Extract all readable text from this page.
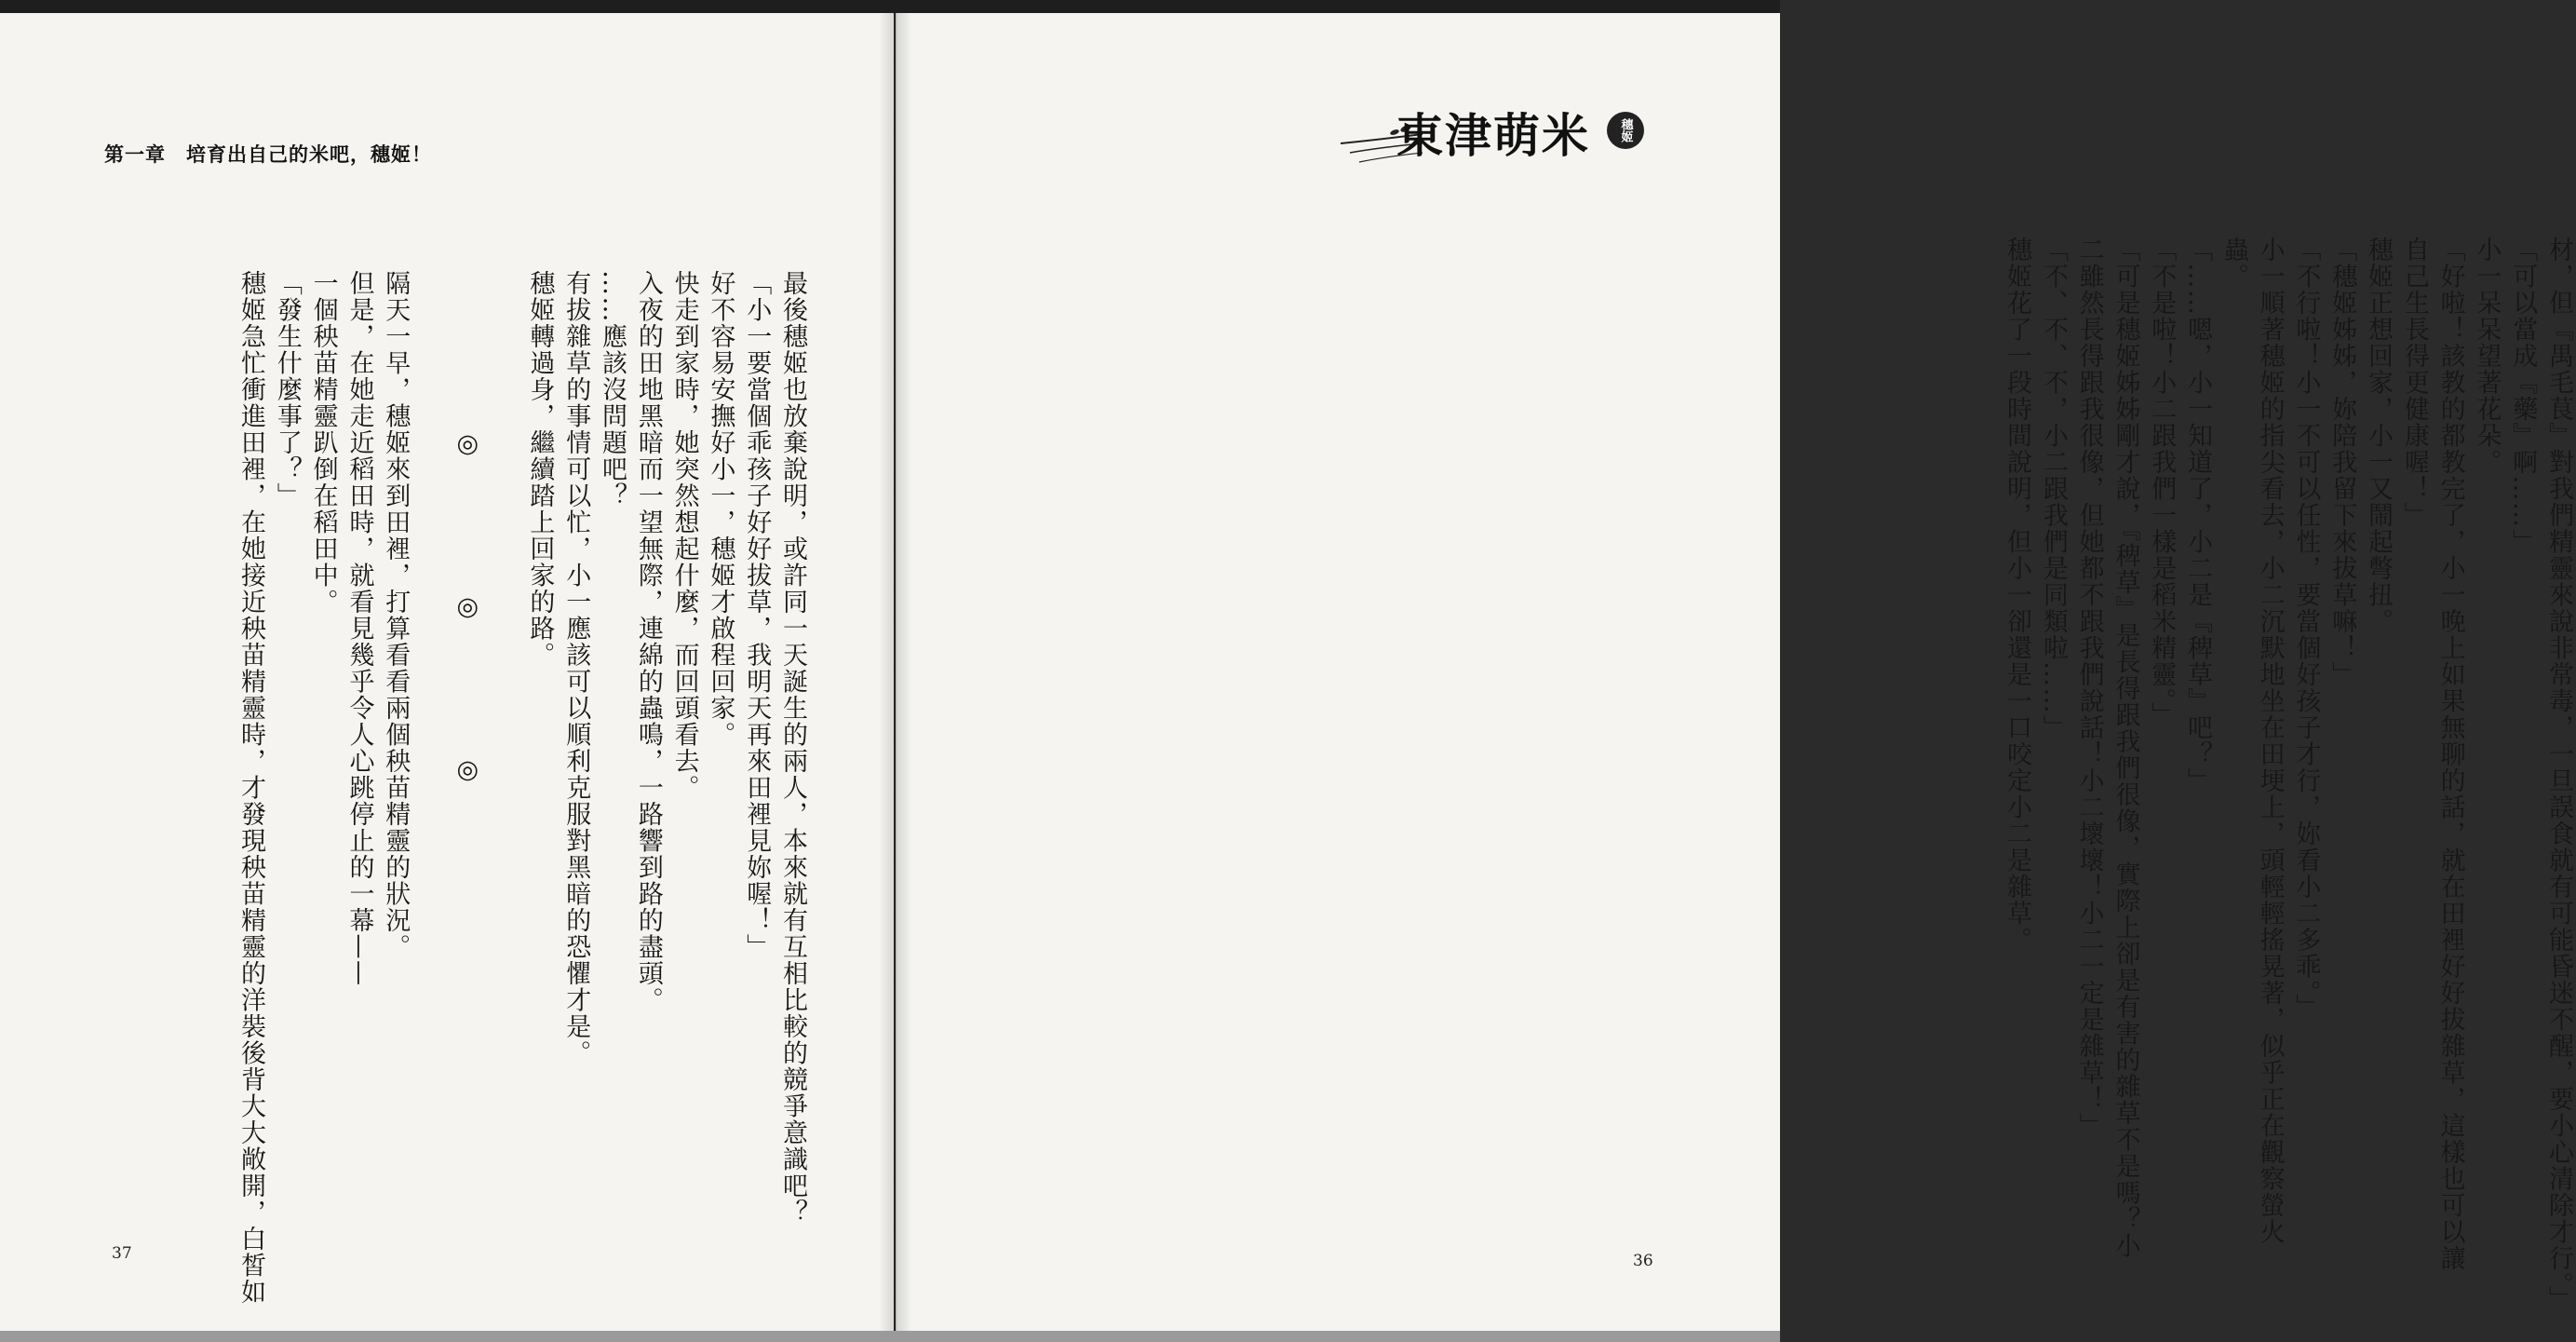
第一章　培育出自己的米吧，穗姬！

最後穗姬也放棄說明，或許同一天誕生的兩人，本來就有互相比較的競爭意識吧？

「小一要當個乖孩子好好拔草，我明天再來田裡見妳喔！」

好不容易安撫好小一，穗姬才啟程回家。

快走到家時，她突然想起什麼，而回頭看去。

入夜的田地黑暗而一望無際，連綿的蟲鳴，一路響到路的盡頭。

……應該沒問題吧？

有拔雜草的事情可以忙，小一應該可以順利克服對黑暗的恐懼才是。

穗姬轉過身，繼續踏上回家的路。

　　　　　　◎　　　　　◎　　　　　◎

隔天一早，穗姬來到田裡，打算看看兩個秧苗精靈的狀況。

但是，在她走近稻田時，就看見幾乎令人心跳停止的一幕——

一個秧苗精靈趴倒在稻田中。

「發生什麼事了？」

穗姬急忙衝進田裡，在她接近秧苗精靈時，才發現秧苗精靈的洋裝後背大大敞開，白皙如

37	材，但『禺毛茛』對我們精靈來說非常毒，一旦誤食就有可能昏迷不醒，要小心清除才行。」

「可以當成『藥』啊……」

小一呆呆望著花朵。

「好啦！該教的都教完了，小一晚上如果無聊的話，就在田裡好好拔雜草，這樣也可以讓

自己生長得更健康喔！」

穗姬正想回家，小一又鬧起彆扭。

「穗姬姊姊，妳陪我留下來拔草嘛！」

「不行啦！小一不可以任性，要當個好孩子才行，妳看小二多乖。」

小一順著穗姬的指尖看去，小二沉默地坐在田埂上，頭輕輕搖晃著，似乎正在觀察螢火

蟲。

「……嗯，小一知道了，小二是『稗草』吧？」

「不是啦！小二跟我們一樣是稻米精靈。」

「可是穗姬姊姊剛才說，『稗草』是長得跟我們很像，實際上卻是有害的雜草不是嗎？小

二雖然長得跟我很像，但她都不跟我們說話！小二壞壞！小二一定是雜草！」

「不、不、不，小二跟我們是同類啦……」

穗姬花了一段時間說明，但小一卻還是一口咬定小二是雜草。

36
東津萌米 穗姬
